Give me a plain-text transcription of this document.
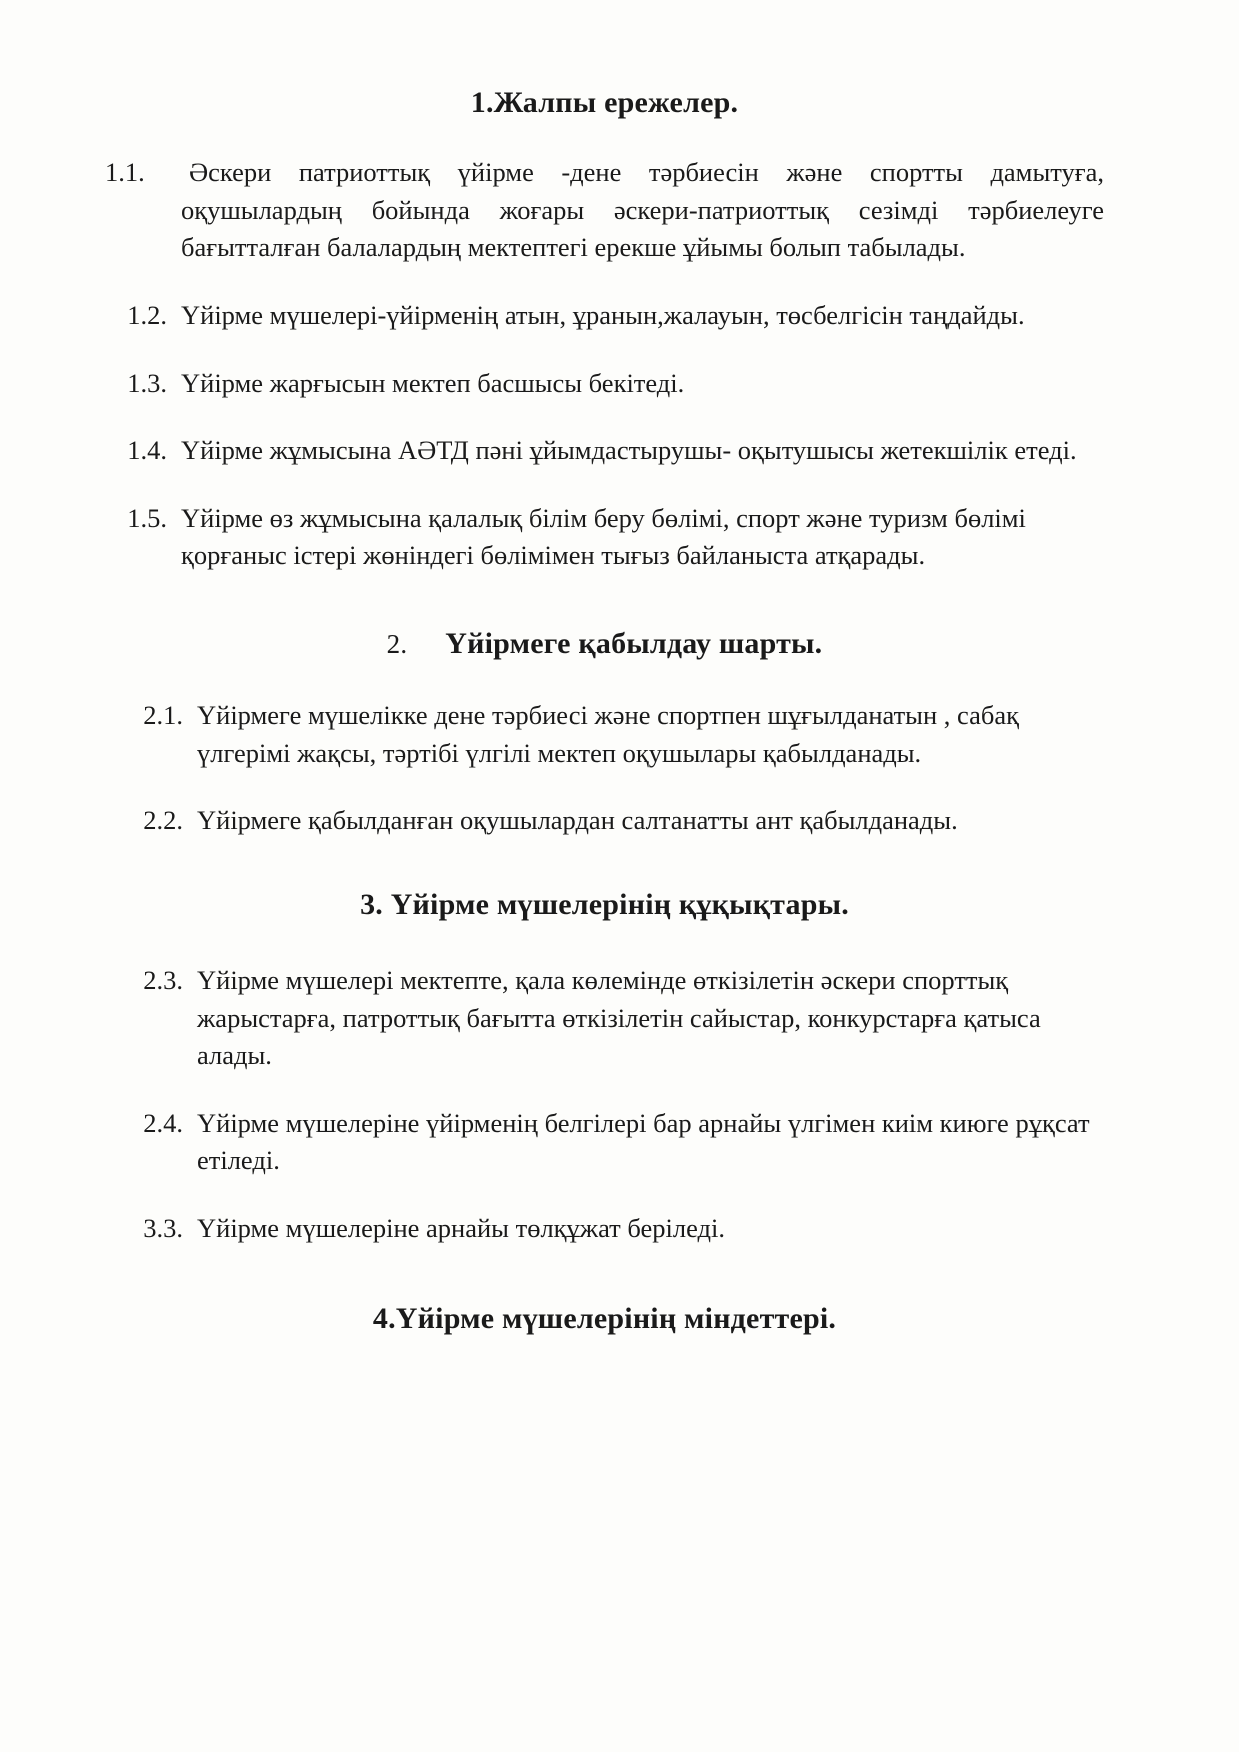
1.Жалпы ережелер.
1.1.	Әскери патриоттық үйірме -дене тәрбиесін және спортты дамытуға, оқушылардың бойында жоғары әскери-патриоттық сезімді тәрбиелеуге бағытталған балалардың мектептегі ерекше ұйымы болып табылады.
1.2. Үйірме мүшелері-үйірменің атын, ұранын,жалауын, төсбелгісін таңдайды.
1.3. Үйірме жарғысын мектеп басшысы бекітеді.
1.4. Үйірме жұмысына АӘТД пәні ұйымдастырушы- оқытушысы жетекшілік етеді.
1.5. Үйірме өз жұмысына қалалық білім беру бөлімі, спорт және туризм бөлімі қорғаныс істері жөніндегі бөлімімен тығыз байланыста атқарады.
2. Үйірмеге қабылдау шарты.
2.1. Үйірмеге мүшелікке дене тәрбиесі және спортпен шұғылданатын , сабақ үлгерімі жақсы, тәртібі үлгілі мектеп оқушылары қабылданады.
2.2. Үйірмеге қабылданған оқушылардан салтанатты ант қабылданады.
3. Үйірме мүшелерінің құқықтары.
2.3. Үйірме мүшелері мектепте, қала көлемінде өткізілетін әскери спорттық жарыстарға, патроттық бағытта өткізілетін сайыстар, конкурстарға қатыса алады.
2.4. Үйірме мүшелеріне үйірменің белгілері бар арнайы үлгімен киім киюге рұқсат етіледі.
3.3. Үйірме мүшелеріне арнайы төлқұжат беріледі.
4.Үйірме мүшелерінің міндеттері.
